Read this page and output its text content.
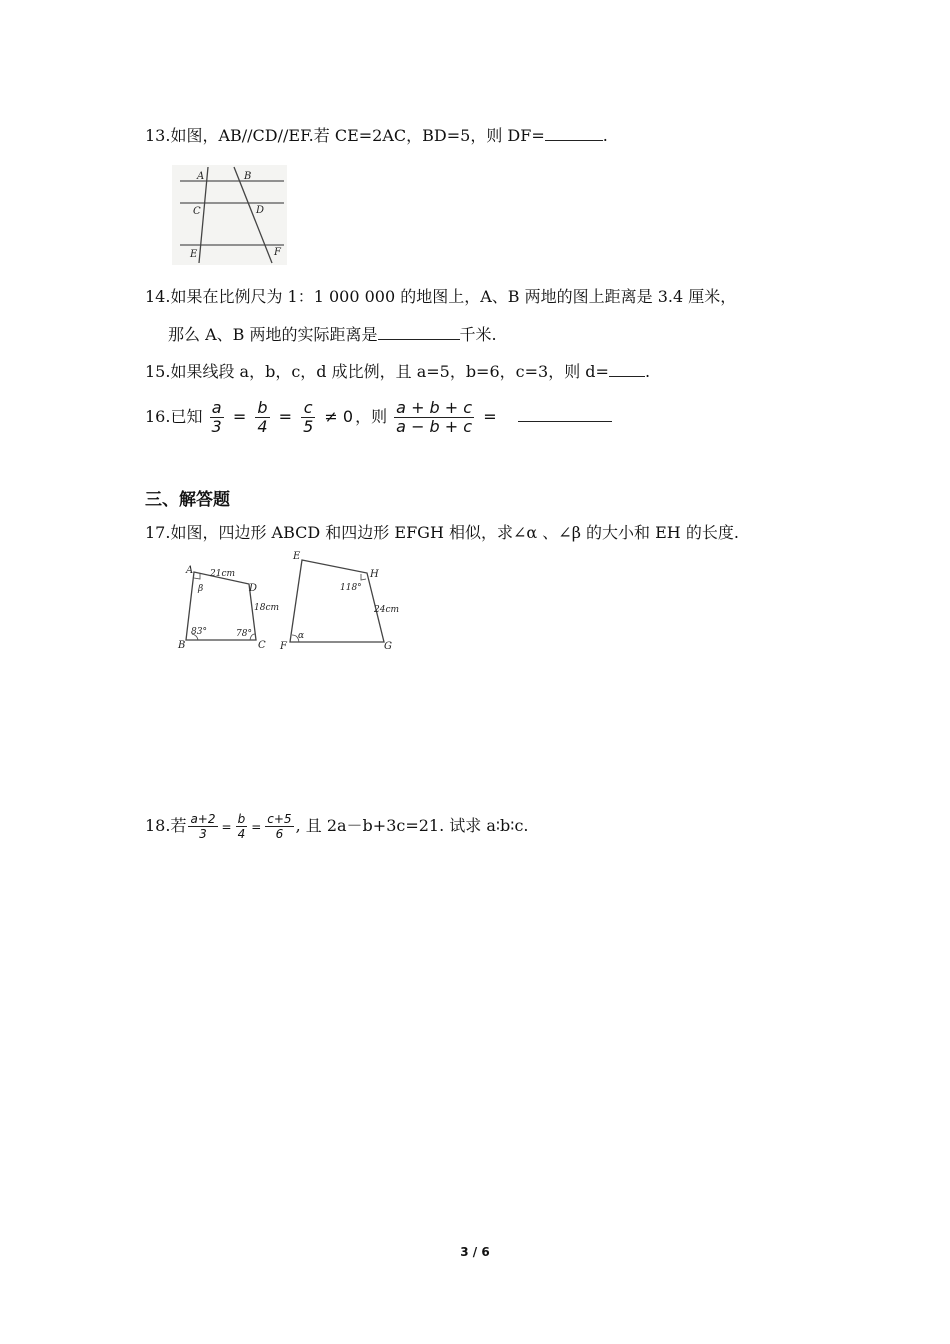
13.如图，AB//CD//EF.若 CE=2AC，BD=5，则 DF=	.
A	B
C	D
E	F
14.如果在比例尺为 1：1 000 000 的地图上，A、B 两地的图上距离是 3.4 厘米，
那么 A、B 两地的实际距离是	千米.
15.如果线段 a，b，c，d 成比例，且 a=5，b=6，c=3，则 d= .
16.已知 $\frac{a}{3} = \frac{b}{4} = \frac{c}{5} \ne 0$ ，则 $\frac{a + b + c}{a - b + c}$ =
三、解答题
17.如图，四边形 ABCD 和四边形 EFGH 相似，求∠α 、∠β 的大小和 EH 的长度.
A
B	C
D
21cm
18cm
β
83°	78°
E
F	G
H
118°
24cm
α
18.若 $\frac{a+2}{3} = \frac{b}{4} = \frac{c+5}{6}$ , 且 2a－b+3c=21. 试求 a∶b∶c.
3 / 6
